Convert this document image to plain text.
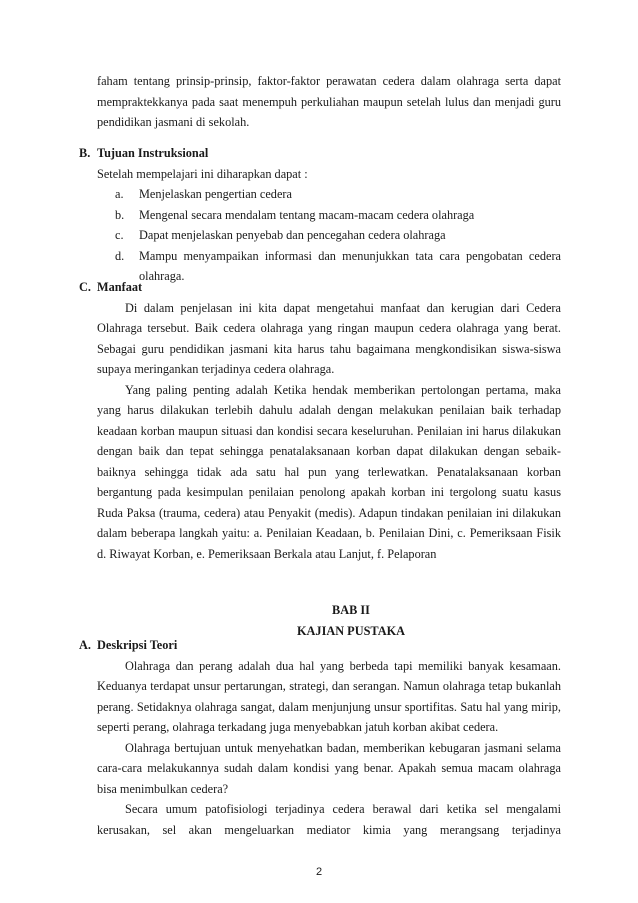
faham tentang prinsip-prinsip, faktor-faktor perawatan cedera dalam olahraga serta dapat mempraktekkanya pada saat menempuh perkuliahan maupun setelah lulus dan menjadi guru pendidikan jasmani di sekolah.

B. Tujuan Instruksional

Setelah mempelajari ini diharapkan dapat :

a. Menjelaskan pengertian cedera
b. Mengenal secara mendalam tentang macam-macam cedera olahraga
c. Dapat menjelaskan penyebab dan pencegahan cedera olahraga
d. Mampu menyampaikan informasi dan menunjukkan tata cara pengobatan cedera olahraga.
C. Manfaat

Di dalam penjelasan ini kita dapat mengetahui manfaat dan kerugian dari Cedera Olahraga tersebut. Baik cedera olahraga yang ringan maupun cedera olahraga yang berat. Sebagai guru pendidikan jasmani kita harus tahu bagaimana mengkondisikan siswa-siswa supaya meringankan terjadinya cedera olahraga.

Yang paling penting adalah Ketika hendak memberikan pertolongan pertama, maka yang harus dilakukan terlebih dahulu adalah dengan melakukan penilaian baik terhadap keadaan korban maupun situasi dan kondisi secara keseluruhan. Penilaian ini harus dilakukan dengan baik dan tepat sehingga penatalaksanaan korban dapat dilakukan dengan sebaik-baiknya sehingga tidak ada satu hal pun yang terlewatkan. Penatalaksanaan korban bergantung pada kesimpulan penilaian penolong apakah korban ini tergolong suatu kasus Ruda Paksa (trauma, cedera) atau Penyakit (medis). Adapun tindakan penilaian ini dilakukan dalam beberapa langkah yaitu: a. Penilaian Keadaan, b. Penilaian Dini, c. Pemeriksaan Fisik d. Riwayat Korban, e. Pemeriksaan Berkala atau Lanjut, f. Pelaporan

BAB II
KAJIAN PUSTAKA
A. Deskripsi Teori

Olahraga dan perang adalah dua hal yang berbeda tapi memiliki banyak kesamaan. Keduanya terdapat unsur pertarungan, strategi, dan serangan. Namun olahraga tetap bukanlah perang. Setidaknya olahraga sangat, dalam menjunjung unsur sportifitas. Satu hal yang mirip, seperti perang, olahraga terkadang juga menyebabkan jatuh korban akibat cedera.

Olahraga bertujuan untuk menyehatkan badan, memberikan kebugaran jasmani selama cara-cara melakukannya sudah dalam kondisi yang benar. Apakah semua macam olahraga bisa menimbulkan cedera?

Secara umum patofisiologi terjadinya cedera berawal dari ketika sel mengalami kerusakan, sel akan mengeluarkan mediator kimia yang merangsang terjadinya

2
